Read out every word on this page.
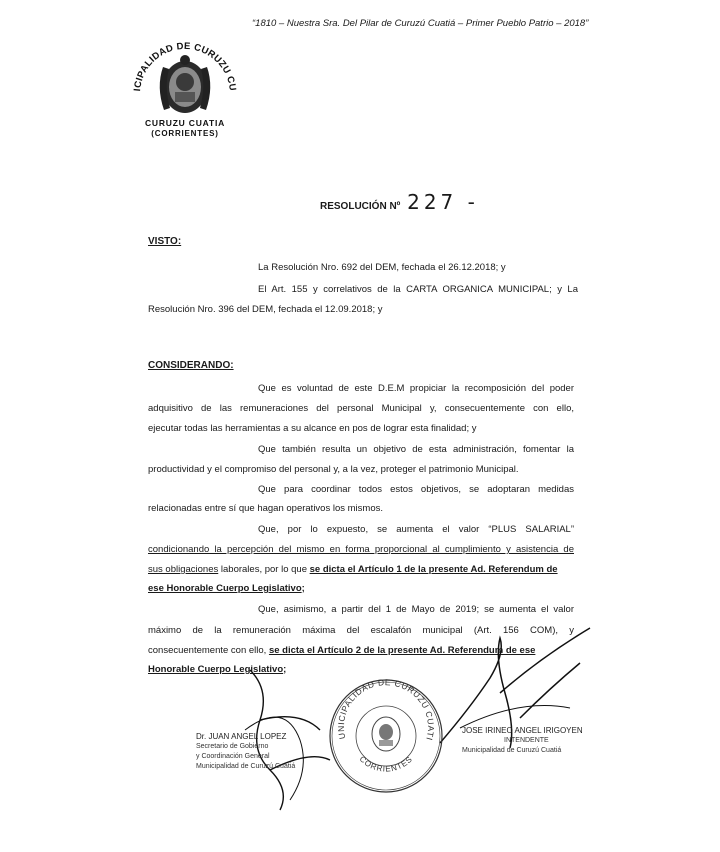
“1810 – Nuestra Sra. Del Pilar de Curuzú Cuatiá – Primer Pueblo Patrio – 2018”
ICIPALIDAD DE CURUZU CU
CURUZU CUATIA
(CORRIENTES)
RESOLUCIÓN Nº 227 -
VISTO:
La Resolución Nro. 692 del DEM, fechada el 26.12.2018; y
El Art. 155 y correlativos de la CARTA ORGANICA MUNICIPAL; y La
Resolución Nro. 396 del DEM, fechada el 12.09.2018; y
CONSIDERANDO:
Que es voluntad de este D.E.M propiciar la recomposición del poder
adquisitivo de las remuneraciones del personal Municipal y, consecuentemente con ello,
ejecutar todas las herramientas a su alcance en pos de lograr esta finalidad; y
Que también resulta un objetivo de esta administración, fomentar la
productividad y el compromiso del personal y, a la vez, proteger el patrimonio Municipal.
Que para coordinar todos estos objetivos, se adoptaran medidas
relacionadas entre sí que hagan operativos los mismos.
Que, por lo expuesto, se aumenta el valor “PLUS SALARIAL”
condicionando la percepción del mismo en forma proporcional al cumplimiento y asistencia de
sus obligaciones laborales, por lo que se dicta el Artículo 1 de la presente Ad. Referendum de
ese Honorable Cuerpo Legislativo;
Que, asimismo, a partir del 1 de Mayo de 2019; se aumenta el valor
máximo de la remuneración máxima del escalafón municipal (Art. 156 COM), y
consecuentemente con ello, se dicta el Artículo 2 de la presente Ad. Referendum de ese
Honorable Cuerpo Legislativo;
Dr. JUAN ANGEL LOPEZ
Secretario de Gobierno
y Coordinación General
Municipalidad de Curuzú Cuatiá
UNICIPALIDAD DE CURUZU CUATI
CORRIENTES
JOSE IRINEO ANGEL IRIGOYEN
INTENDENTE
Municipalidad de Curuzú Cuatiá
